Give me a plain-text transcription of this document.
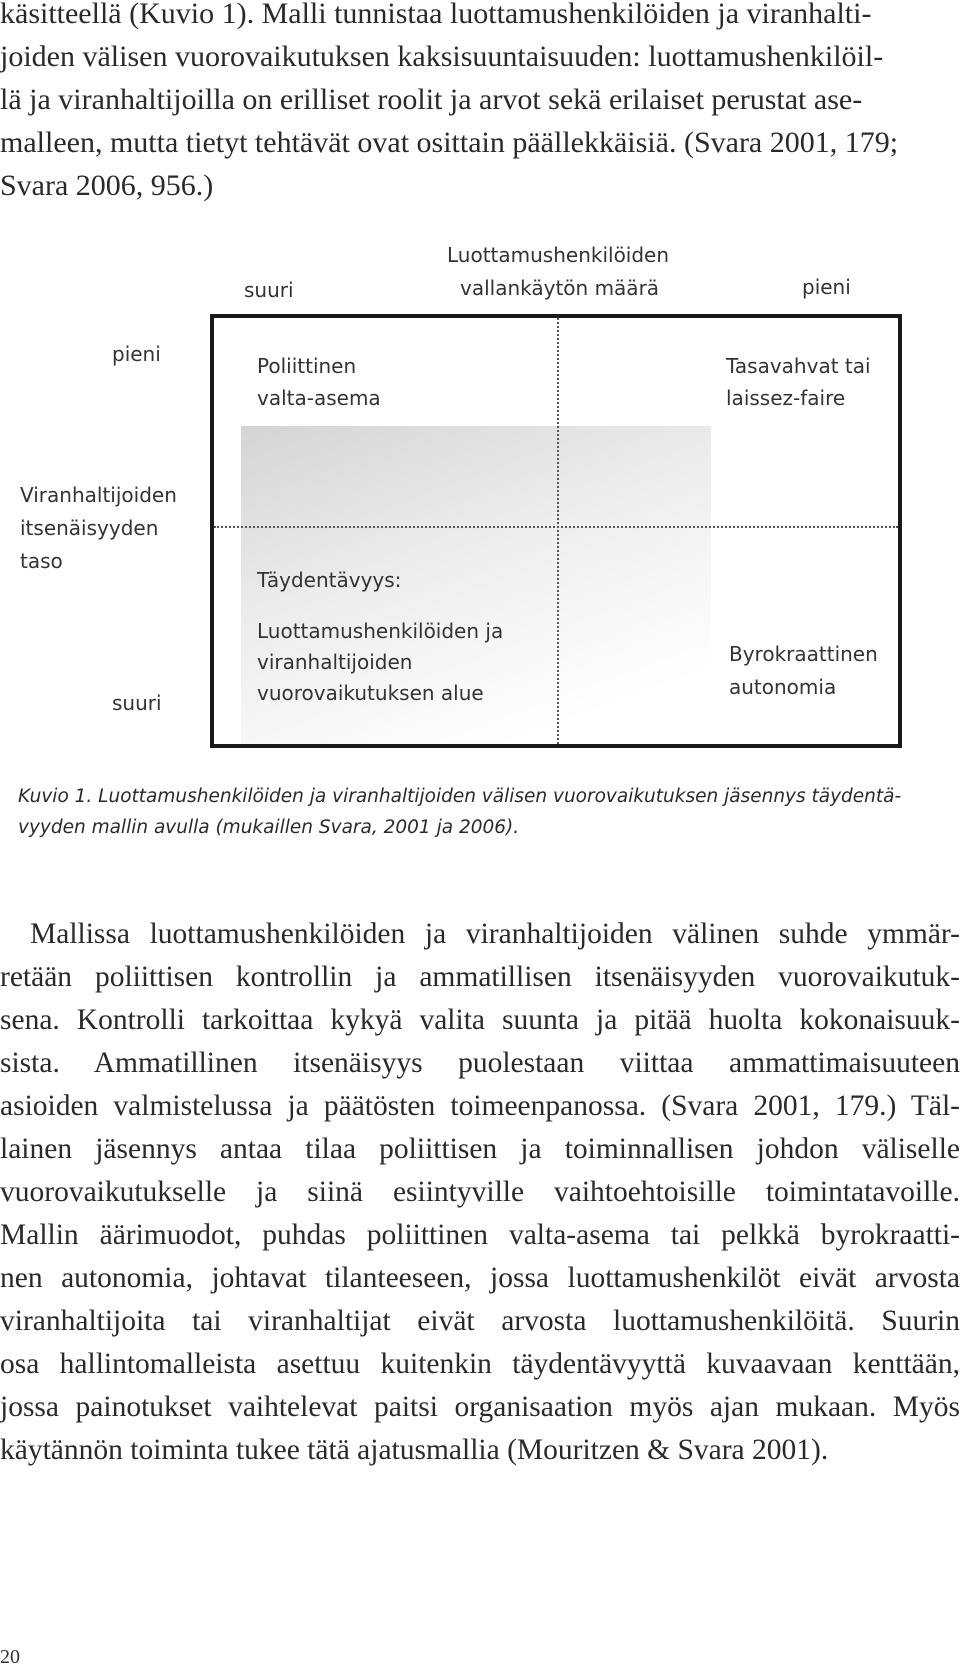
käsitteellä (Kuvio 1). Malli tunnistaa luottamushenkilöiden ja viranhalti-

joiden välisen vuorovaikutuksen kaksisuuntaisuuden: luottamushenkilöil-

lä ja viranhaltijoilla on erilliset roolit ja arvot sekä erilaiset perustat ase-

malleen, mutta tietyt tehtävät ovat osittain päällekkäisiä. (Svara 2001, 179;

Svara 2006, 956.)

Luottamushenkilöiden

vallankäytön määrä

suuri	pieni

pieni

Viranhaltijoiden

itsenäisyyden

taso

suuri

Poliittinen

valta-asema

Tasavahvat tai

laissez-faire

Täydentävyys:

Luottamushenkilöiden ja

viranhaltijoiden

vuorovaikutuksen alue

Byrokraattinen

autonomia

Kuvio 1. Luottamushenkilöiden ja viranhaltijoiden välisen vuorovaikutuksen jäsennys täydentä-

vyyden mallin avulla (mukaillen Svara, 2001 ja 2006).

Mallissa luottamushenkilöiden ja viranhaltijoiden välinen suhde ymmär-

retään poliittisen kontrollin ja ammatillisen itsenäisyyden vuorovaikutuk-

sena. Kontrolli tarkoittaa kykyä valita suunta ja pitää huolta kokonaisuuk-

sista. Ammatillinen itsenäisyys puolestaan viittaa ammattimaisuuteen

asioiden valmistelussa ja päätösten toimeenpanossa. (Svara 2001, 179.) Täl-

lainen jäsennys antaa tilaa poliittisen ja toiminnallisen johdon väliselle

vuorovaikutukselle ja siinä esiintyville vaihtoehtoisille toimintatavoille.

Mallin äärimuodot, puhdas poliittinen valta-asema tai pelkkä byrokraatti-

nen autonomia, johtavat tilanteeseen, jossa luottamushenkilöt eivät arvosta

viranhaltijoita tai viranhaltijat eivät arvosta luottamushenkilöitä. Suurin

osa hallintomalleista asettuu kuitenkin täydentävyyttä kuvaavaan kenttään,

jossa painotukset vaihtelevat paitsi organisaation myös ajan mukaan. Myös

käytännön toiminta tukee tätä ajatusmallia (Mouritzen & Svara 2001).

20
